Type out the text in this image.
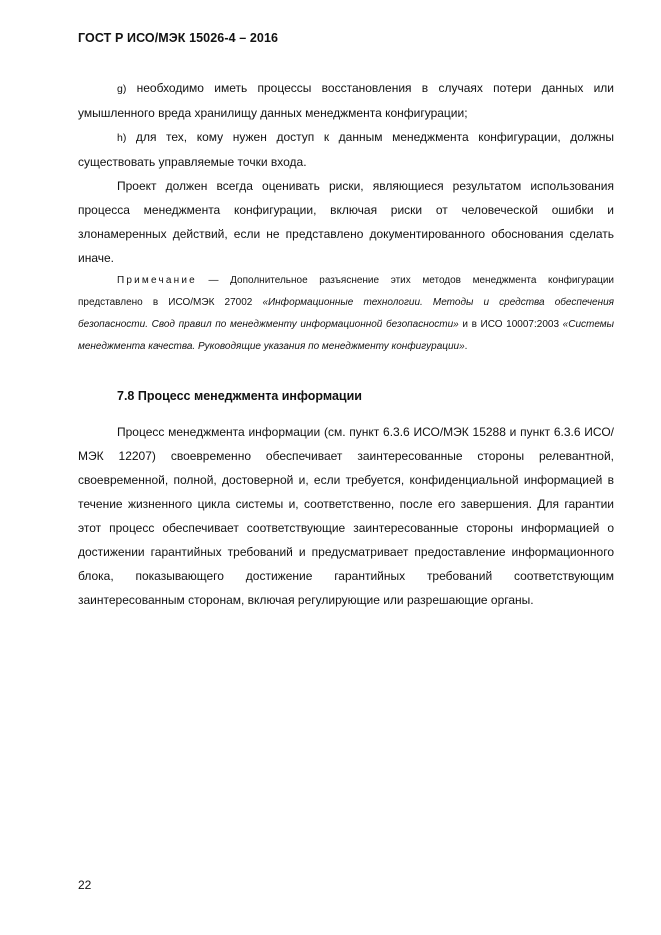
ГОСТ Р ИСО/МЭК 15026-4 – 2016

g) необходимо иметь процессы восстановления в случаях потери данных или умышленного вреда хранилищу данных менеджмента конфигурации;

h) для тех, кому нужен доступ к данным менеджмента конфигурации, должны существовать управляемые точки входа.

Проект должен всегда оценивать риски, являющиеся результатом использования процесса менеджмента конфигурации, включая риски от человеческой ошибки и злонамеренных действий, если не представлено документированного обоснования сделать иначе.

Примечание — Дополнительное разъяснение этих методов менеджмента конфигурации представлено в ИСО/МЭК 27002 «Информационные технологии. Методы и средства обеспечения безопасности. Свод правил по менеджменту информационной безопасности» и в ИСО 10007:2003 «Системы менеджмента качества. Руководящие указания по менеджменту конфигурации».

7.8 Процесс менеджмента информации

Процесс менеджмента информации (см. пункт 6.3.6 ИСО/МЭК 15288 и пункт 6.3.6 ИСО/МЭК 12207) своевременно обеспечивает заинтересованные стороны релевантной, своевременной, полной, достоверной и, если требуется, конфиденциальной информацией в течение жизненного цикла системы и, соответственно, после его завершения. Для гарантии этот процесс обеспечивает соответствующие заинтересованные стороны информацией о достижении гарантийных требований и предусматривает предоставление информационного блока, показывающего достижение гарантийных требований соответствующим заинтересованным сторонам, включая регулирующие или разрешающие органы.

22
